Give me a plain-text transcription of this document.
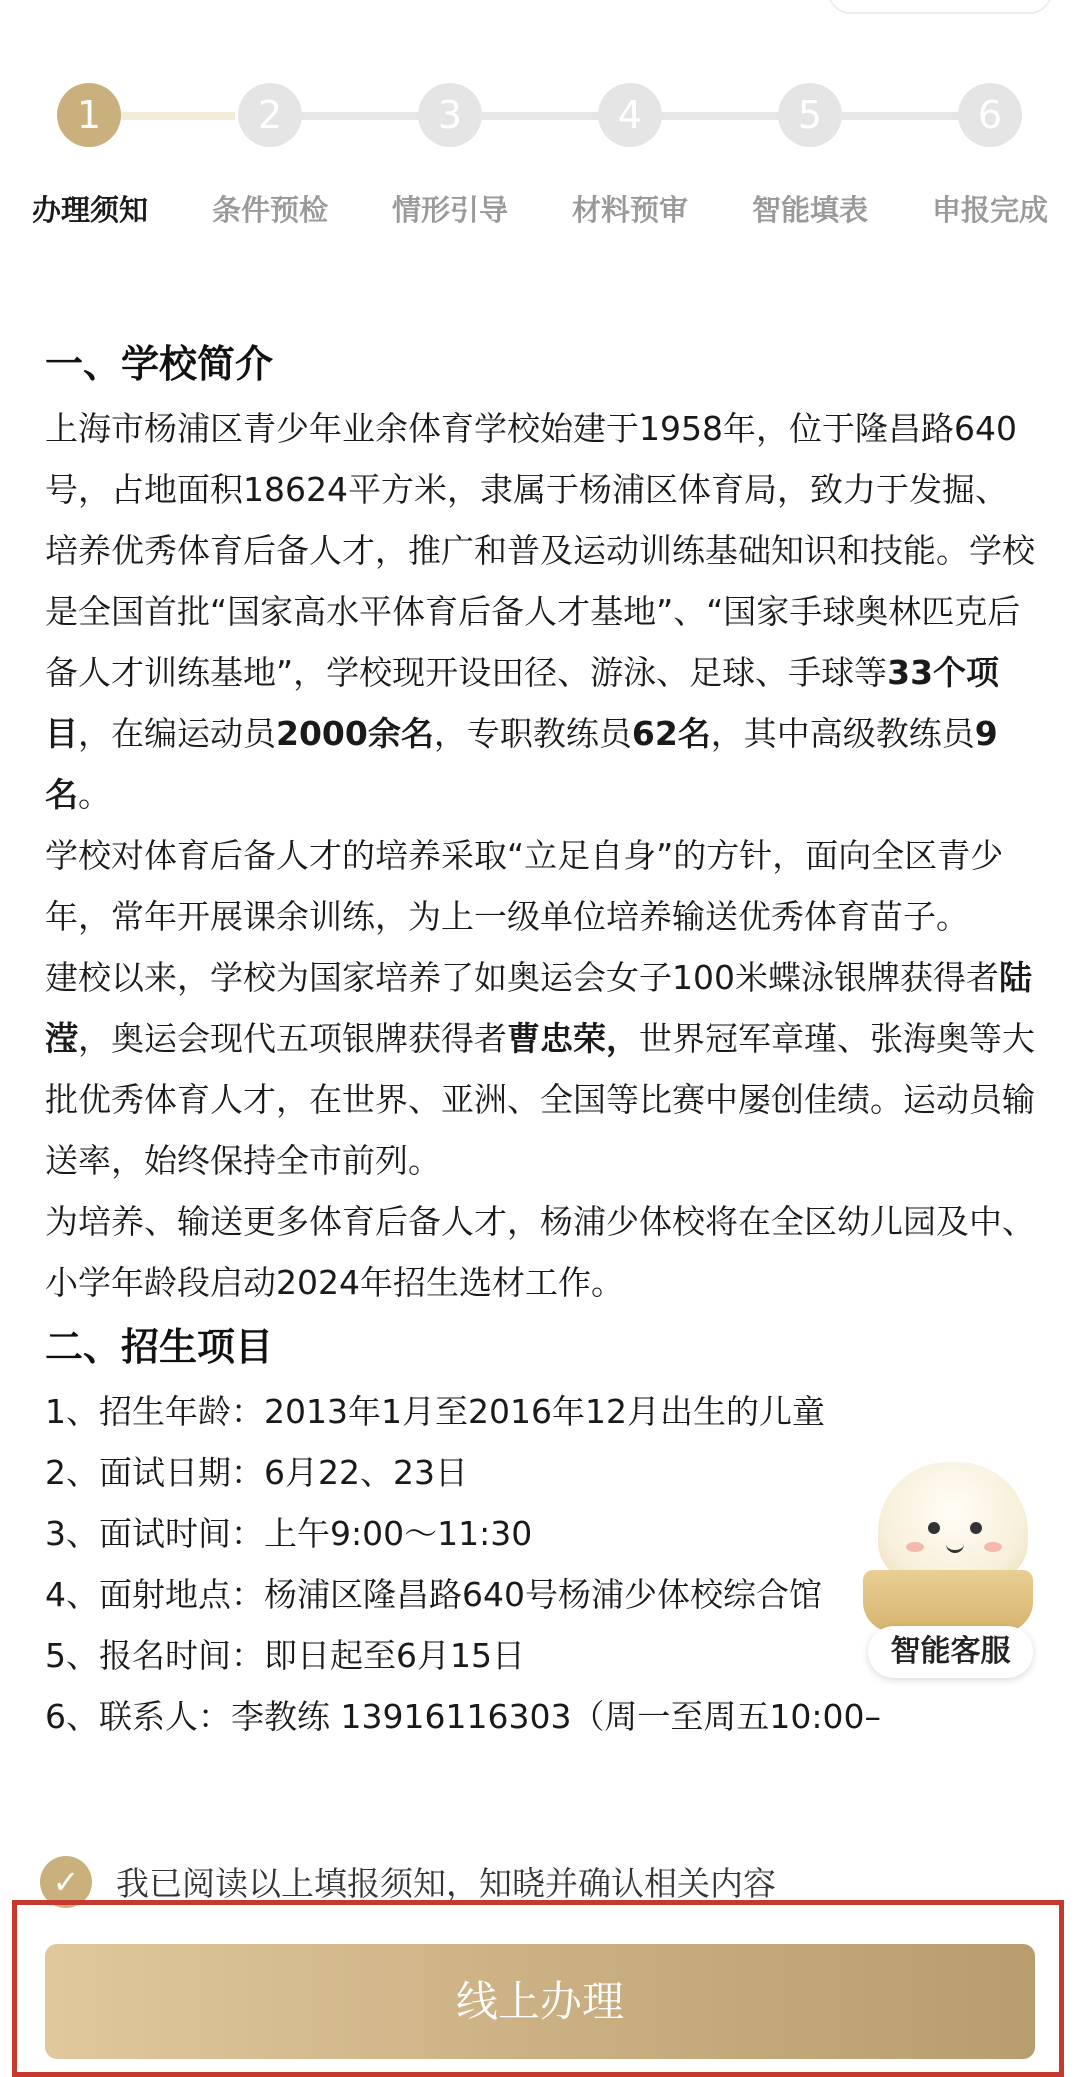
1	2	3	4	5	6
办理须知	条件预检	情形引导	材料预审	智能填表	申报完成
一、学校简介

上海市杨浦区青少年业余体育学校始建于1958年，位于隆昌路640号，占地面积18624平方米，隶属于杨浦区体育局，致力于发掘、培养优秀体育后备人才，推广和普及运动训练基础知识和技能。学校是全国首批“国家高水平体育后备人才基地”、“国家手球奥林匹克后备人才训练基地”，学校现开设田径、游泳、足球、手球等33个项目，在编运动员2000余名，专职教练员62名，其中高级教练员9名。

学校对体育后备人才的培养采取“立足自身”的方针，面向全区青少年，常年开展课余训练，为上一级单位培养输送优秀体育苗子。

建校以来，学校为国家培养了如奥运会女子100米蝶泳银牌获得者陆滢，奥运会现代五项银牌获得者曹忠荣，世界冠军章瑾、张海奥等大批优秀体育人才，在世界、亚洲、全国等比赛中屡创佳绩。运动员输送率，始终保持全市前列。

为培养、输送更多体育后备人才，杨浦少体校将在全区幼儿园及中、小学年龄段启动2024年招生选材工作。

二、招生项目
1、招生年龄：2013年1月至2016年12月出生的儿童
2、面试日期：6月22、23日
3、面试时间：上午9:00～11:30
4、面射地点：杨浦区隆昌路640号杨浦少体校综合馆
5、报名时间：即日起至6月15日
6、联系人：李教练 13916116303（周一至周五10:00–
智能客服
✓	我已阅读以上填报须知，知晓并确认相关内容
线上办理
